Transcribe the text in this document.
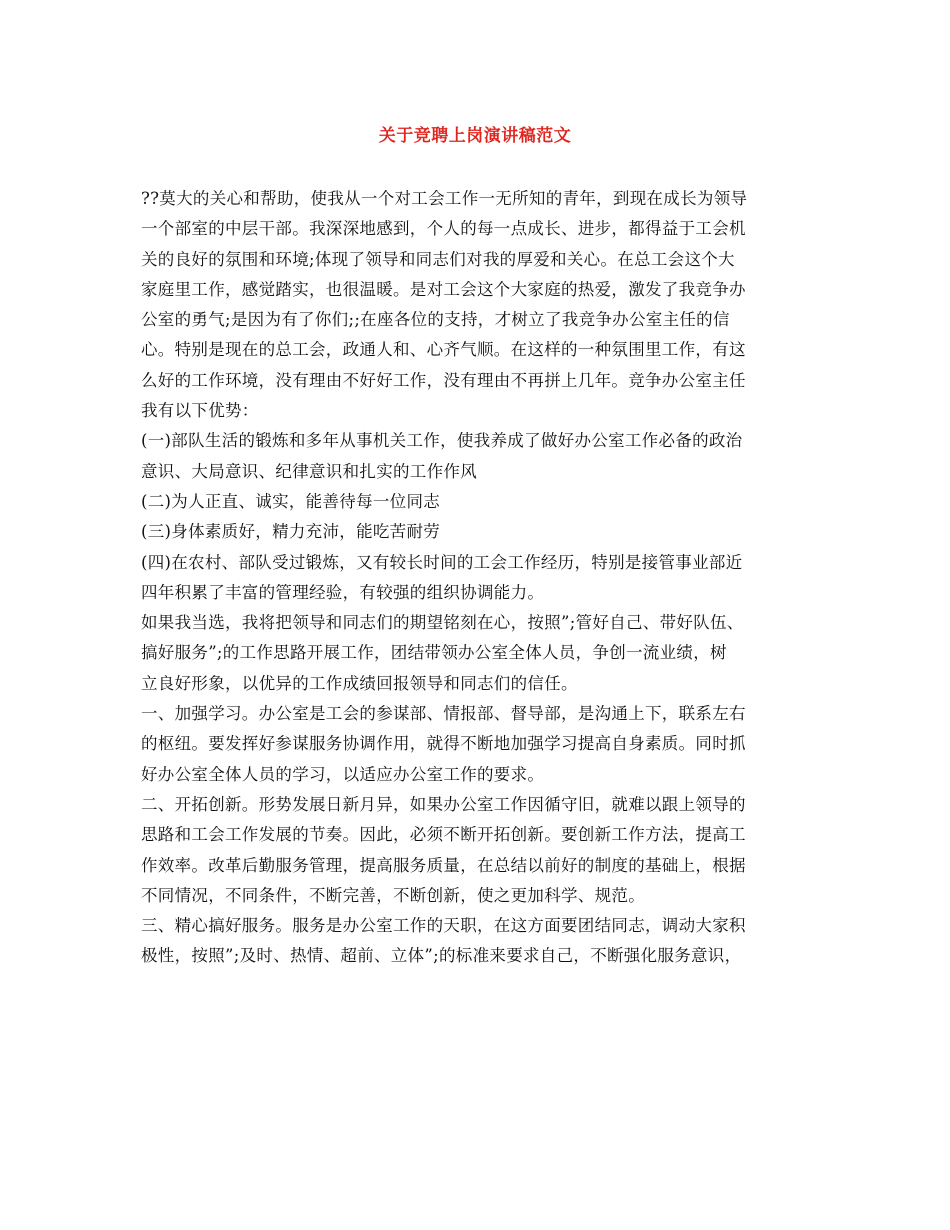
关于竞聘上岗演讲稿范文
??莫大的关心和帮助，使我从一个对工会工作一无所知的青年，到现在成长为领导
一个部室的中层干部。我深深地感到，个人的每一点成长、进步，都得益于工会机
关的良好的氛围和环境;体现了领导和同志们对我的厚爱和关心。在总工会这个大
家庭里工作，感觉踏实，也很温暖。是对工会这个大家庭的热爱，激发了我竞争办
公室的勇气;是因为有了你们;;在座各位的支持，才树立了我竞争办公室主任的信
心。特别是现在的总工会，政通人和、心齐气顺。在这样的一种氛围里工作，有这
么好的工作环境，没有理由不好好工作，没有理由不再拼上几年。竞争办公室主任
我有以下优势：
(一)部队生活的锻炼和多年从事机关工作，使我养成了做好办公室工作必备的政治
意识、大局意识、纪律意识和扎实的工作作风
(二)为人正直、诚实，能善待每一位同志
(三)身体素质好，精力充沛，能吃苦耐劳
(四)在农村、部队受过锻炼，又有较长时间的工会工作经历，特别是接管事业部近
四年积累了丰富的管理经验，有较强的组织协调能力。
如果我当选，我将把领导和同志们的期望铭刻在心，按照”;管好自己、带好队伍、
搞好服务”;的工作思路开展工作，团结带领办公室全体人员，争创一流业绩，树
立良好形象，以优异的工作成绩回报领导和同志们的信任。
一、加强学习。办公室是工会的参谋部、情报部、督导部，是沟通上下，联系左右
的枢纽。要发挥好参谋服务协调作用，就得不断地加强学习提高自身素质。同时抓
好办公室全体人员的学习，以适应办公室工作的要求。
二、开拓创新。形势发展日新月异，如果办公室工作因循守旧，就难以跟上领导的
思路和工会工作发展的节奏。因此，必须不断开拓创新。要创新工作方法，提高工
作效率。改革后勤服务管理，提高服务质量，在总结以前好的制度的基础上，根据
不同情况，不同条件，不断完善，不断创新，使之更加科学、规范。
三、精心搞好服务。服务是办公室工作的天职，在这方面要团结同志，调动大家积
极性，按照”;及时、热情、超前、立体”;的标准来要求自己，不断强化服务意识，
